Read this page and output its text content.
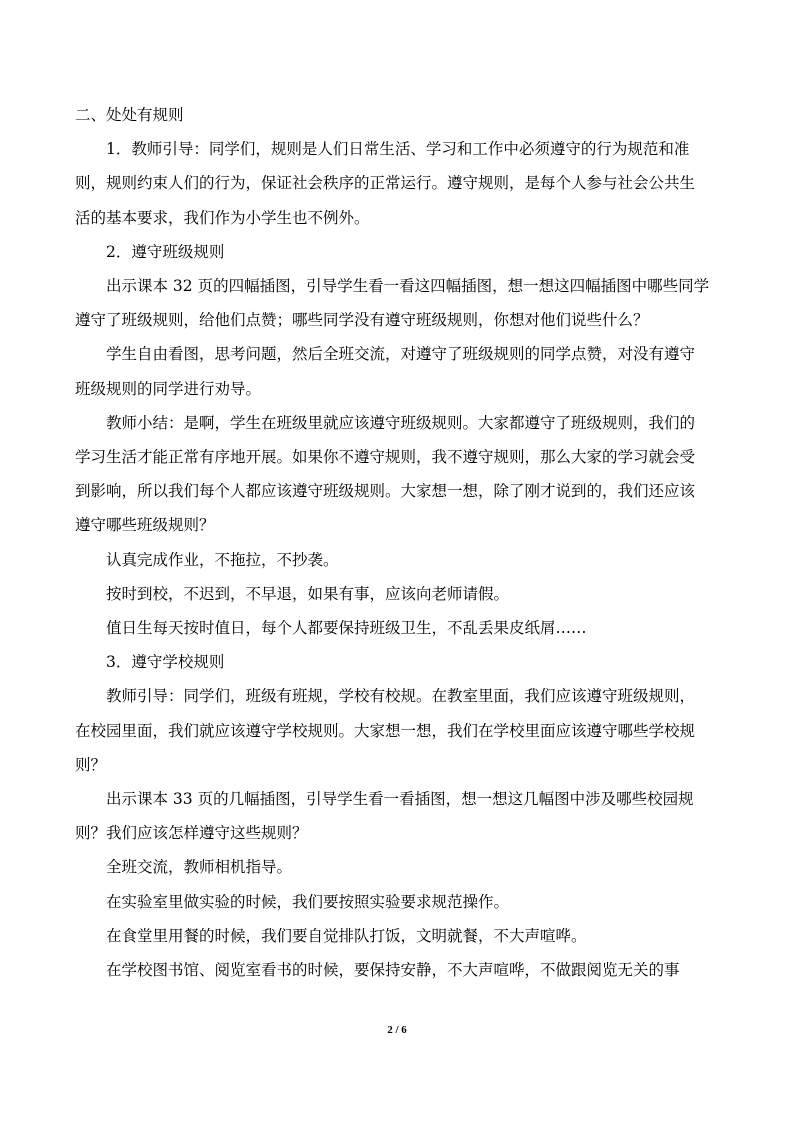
二、处处有规则

1．教师引导：同学们，规则是人们日常生活、学习和工作中必须遵守的行为规范和准

则，规则约束人们的行为，保证社会秩序的正常运行。遵守规则，是每个人参与社会公共生

活的基本要求，我们作为小学生也不例外。

2．遵守班级规则

出示课本 32 页的四幅插图，引导学生看一看这四幅插图，想一想这四幅插图中哪些同学

遵守了班级规则，给他们点赞；哪些同学没有遵守班级规则，你想对他们说些什么？

学生自由看图，思考问题，然后全班交流，对遵守了班级规则的同学点赞，对没有遵守

班级规则的同学进行劝导。

教师小结：是啊，学生在班级里就应该遵守班级规则。大家都遵守了班级规则，我们的

学习生活才能正常有序地开展。如果你不遵守规则，我不遵守规则，那么大家的学习就会受

到影响，所以我们每个人都应该遵守班级规则。大家想一想，除了刚才说到的，我们还应该

遵守哪些班级规则？

认真完成作业，不拖拉，不抄袭。

按时到校，不迟到，不早退，如果有事，应该向老师请假。

值日生每天按时值日，每个人都要保持班级卫生，不乱丢果皮纸屑……

3．遵守学校规则

教师引导：同学们，班级有班规，学校有校规。在教室里面，我们应该遵守班级规则，

在校园里面，我们就应该遵守学校规则。大家想一想，我们在学校里面应该遵守哪些学校规

则？

出示课本 33 页的几幅插图，引导学生看一看插图，想一想这几幅图中涉及哪些校园规

则？我们应该怎样遵守这些规则？

全班交流，教师相机指导。

在实验室里做实验的时候，我们要按照实验要求规范操作。

在食堂里用餐的时候，我们要自觉排队打饭，文明就餐，不大声喧哗。

在学校图书馆、阅览室看书的时候，要保持安静，不大声喧哗，不做跟阅览无关的事

2 / 6
